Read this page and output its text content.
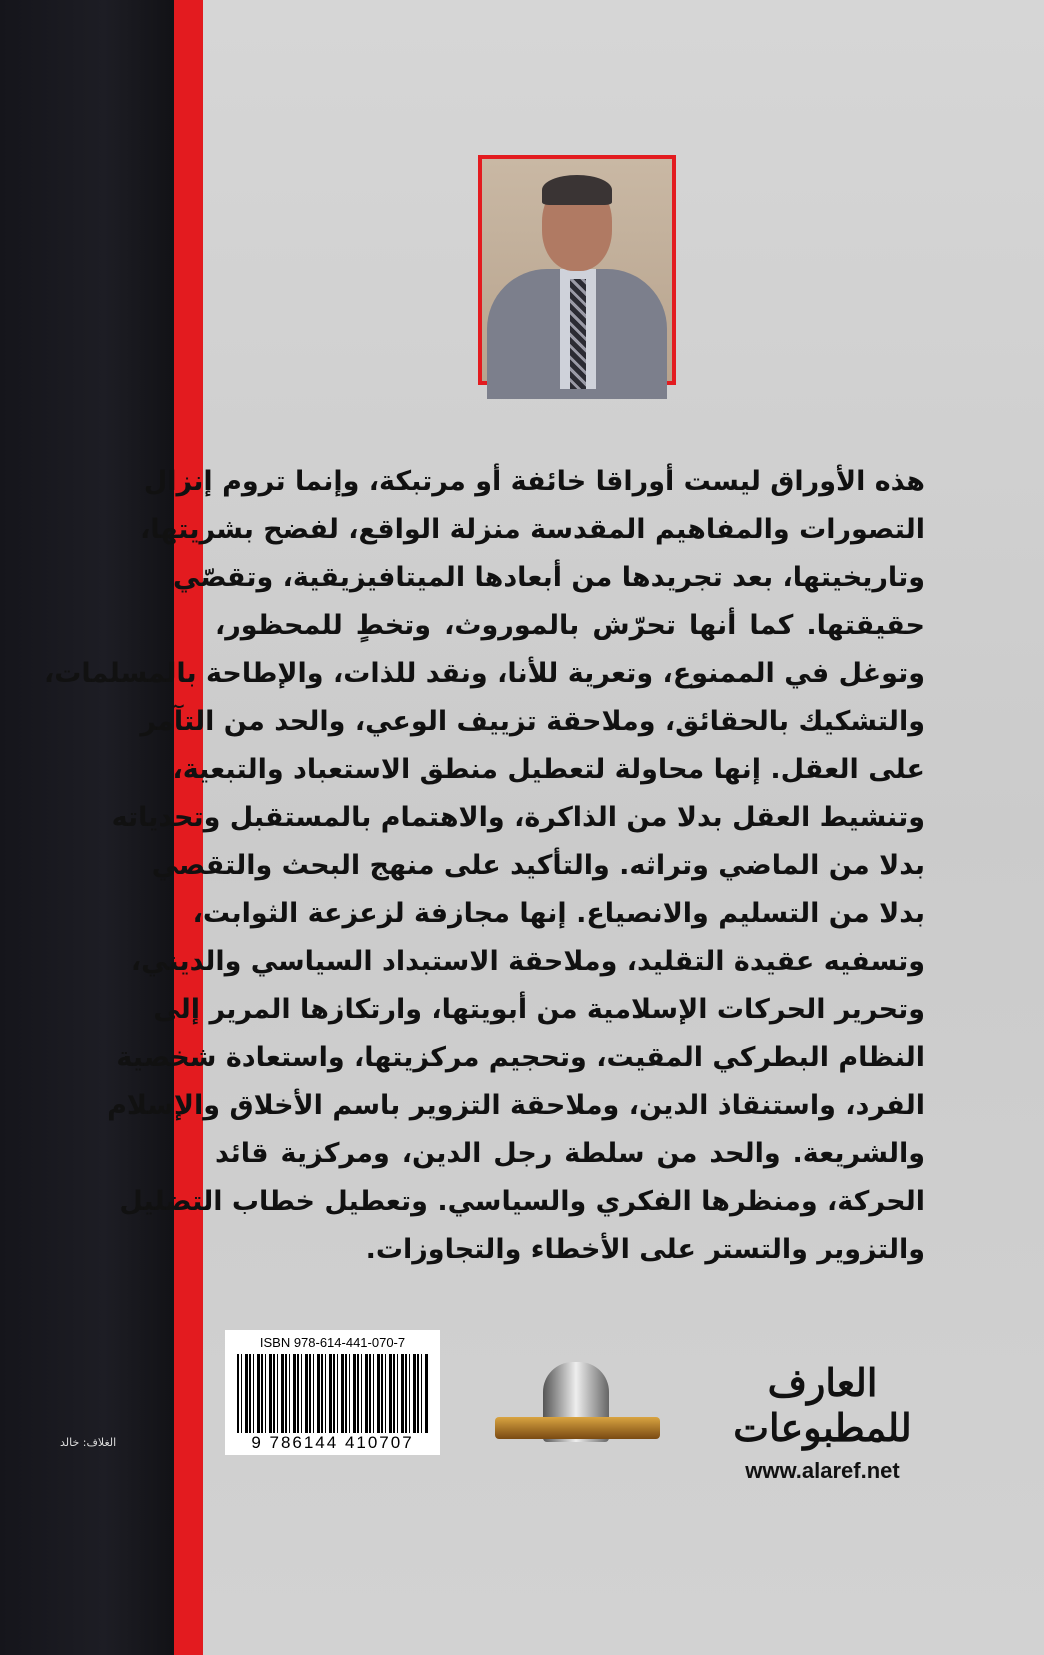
هذه الأوراق ليست أوراقا خائفة أو مرتبكة، وإنما تروم إنزال
التصورات والمفاهيم المقدسة منزلة الواقع، لفضح بشريتها،
وتاريخيتها، بعد تجريدها من أبعادها الميتافيزيقية، وتقصّي
حقيقتها. كما أنها تحرّش بالموروث، وتخطٍ للمحظور،
وتوغل في الممنوع، وتعرية للأنا، ونقد للذات، والإطاحة بالمسلمات،
والتشكيك بالحقائق، وملاحقة تزييف الوعي، والحد من التآمر
على العقل. إنها محاولة لتعطيل منطق الاستعباد والتبعية،
وتنشيط العقل بدلا من الذاكرة، والاهتمام بالمستقبل وتحدياته
بدلا من الماضي وتراثه. والتأكيد على منهج البحث والتقصي
بدلا من التسليم والانصياع. إنها مجازفة لزعزعة الثوابت،
وتسفيه عقيدة التقليد، وملاحقة الاستبداد السياسي والديني،
وتحرير الحركات الإسلامية من أبويتها، وارتكازها المرير إلى
النظام البطركي المقيت، وتحجيم مركزيتها، واستعادة شخصية
الفرد، واستنقاذ الدين، وملاحقة التزوير باسم الأخلاق والإسلام
والشريعة. والحد من سلطة رجل الدين، ومركزية قائد
الحركة، ومنظرها الفكري والسياسي. وتعطيل خطاب التضليل
والتزوير والتستر على الأخطاء والتجاوزات.
ISBN 978-614-441-070-7
9 786144 410707
العارف للمطبوعات
www.alaref.net
الغلاف: خالد
